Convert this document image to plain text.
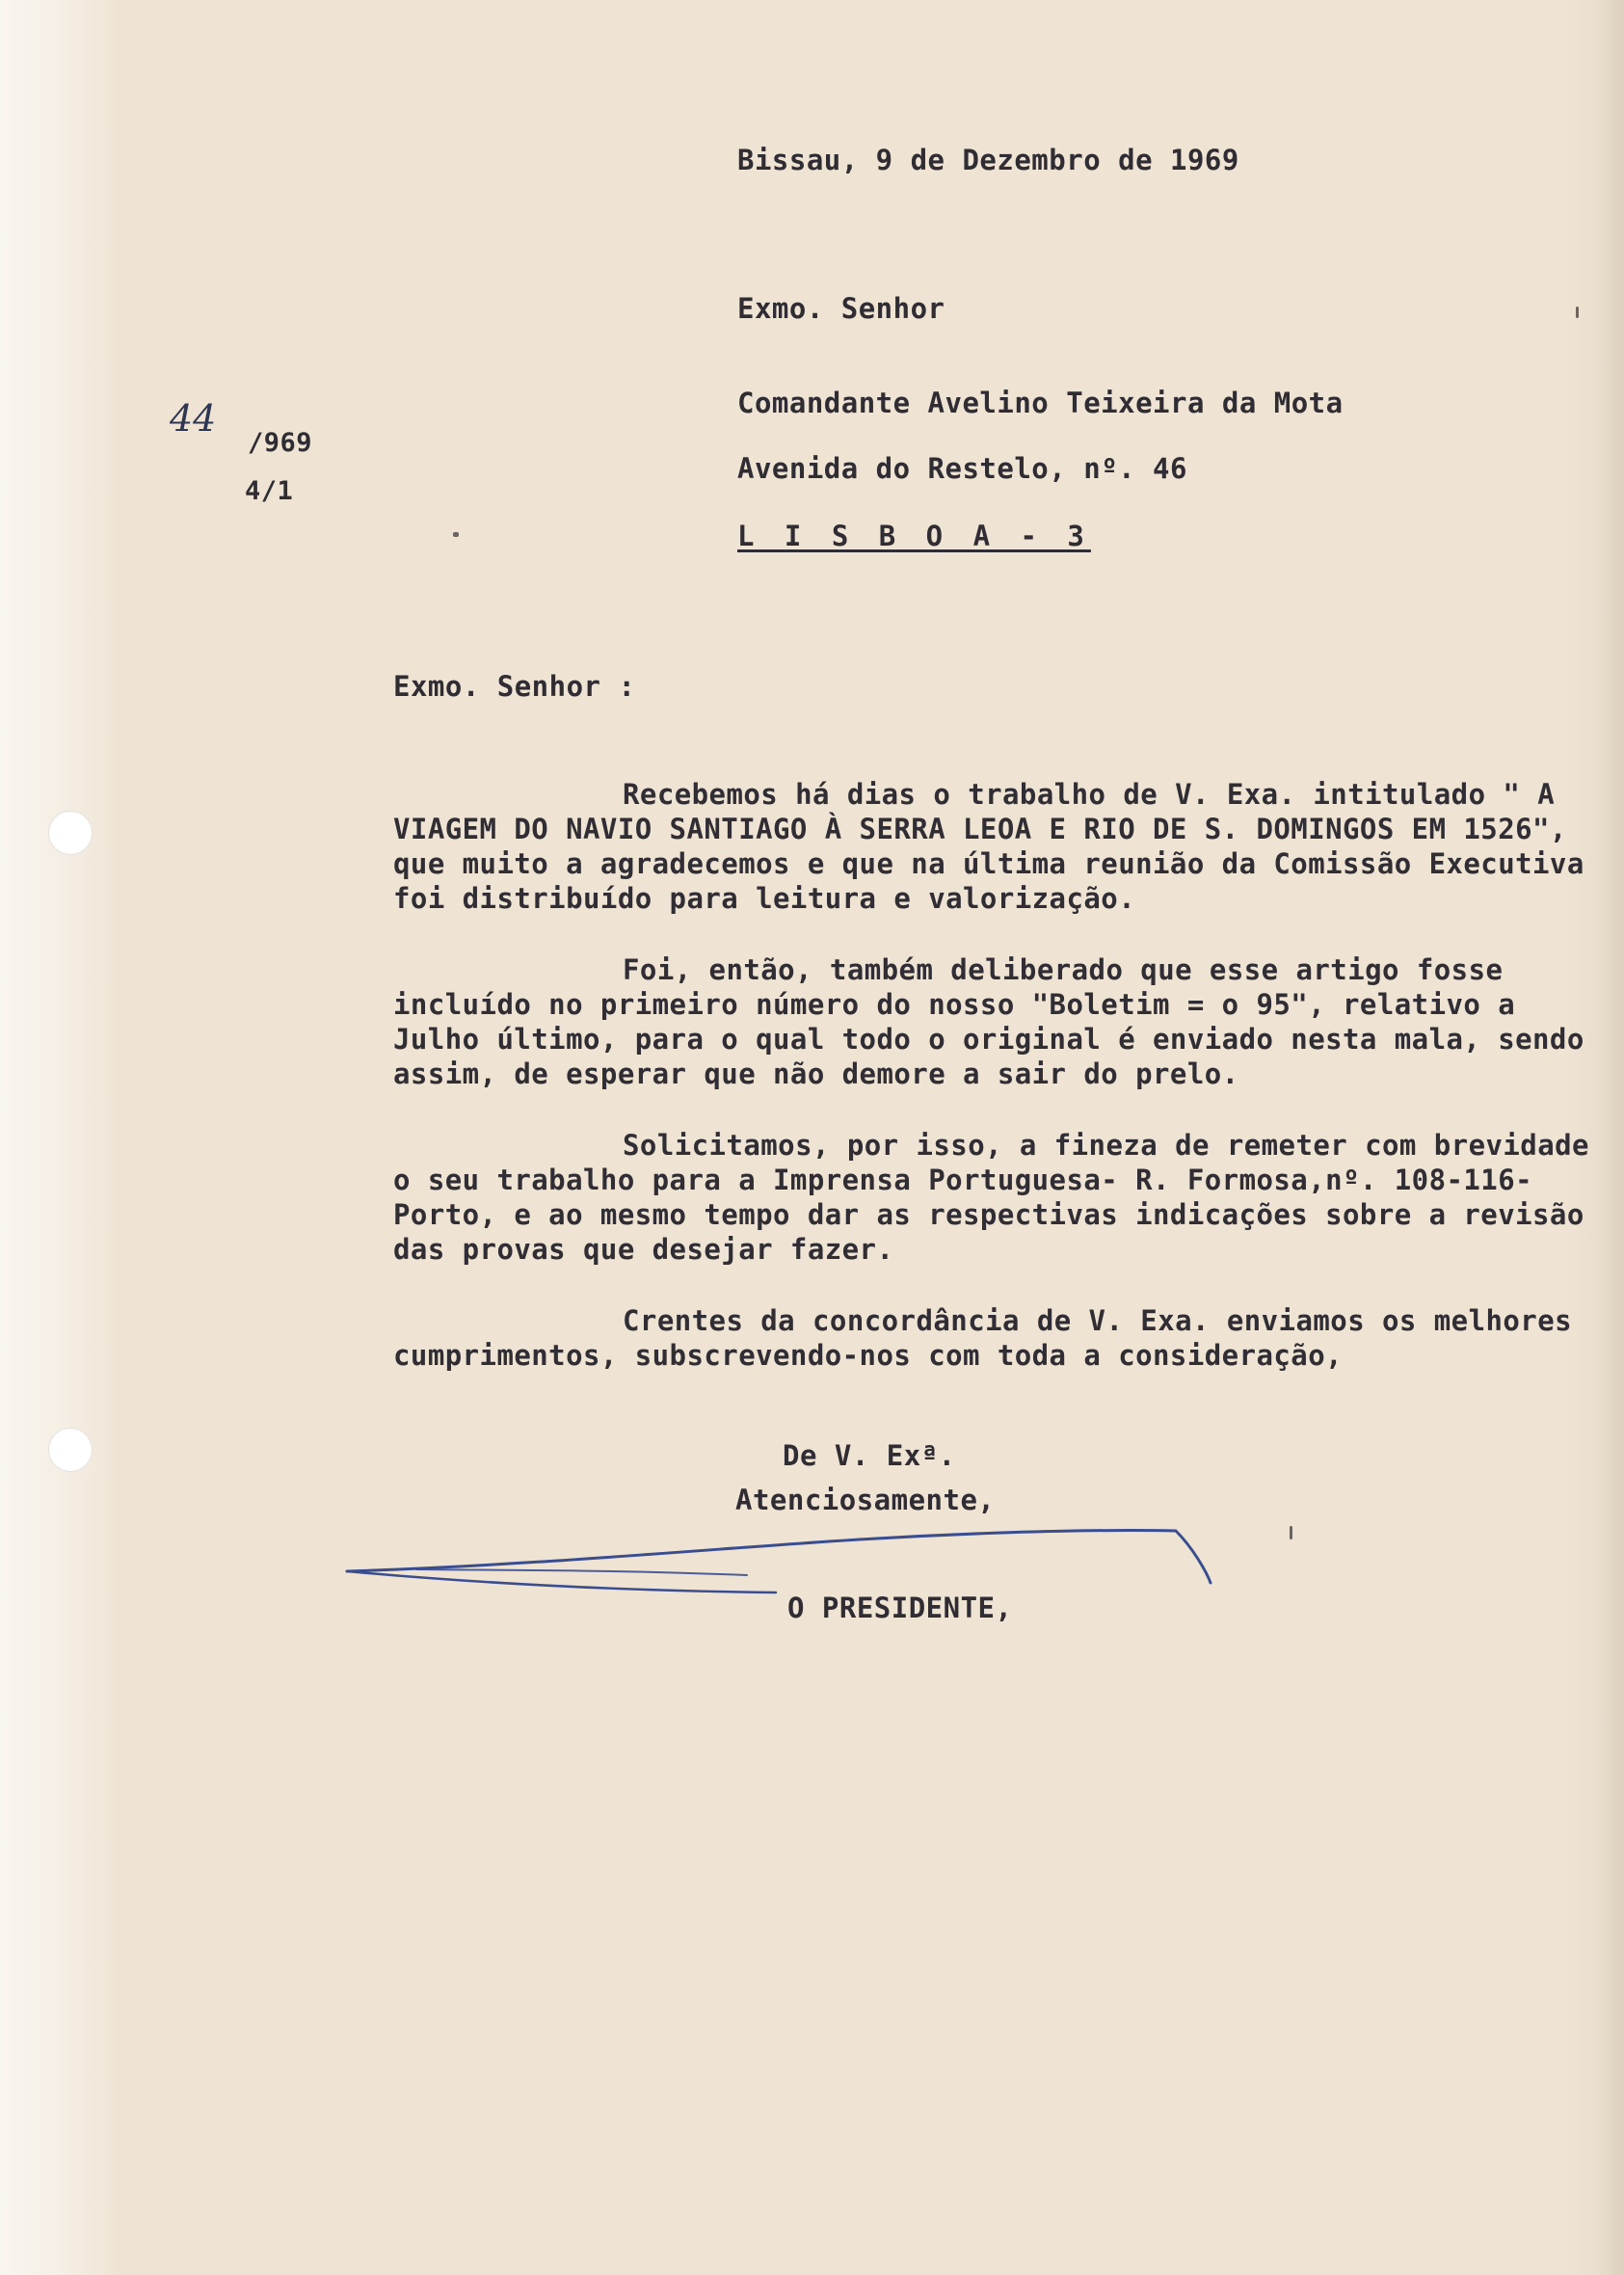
Bissau, 9 de Dezembro de 1969
Exmo. Senhor
Comandante Avelino Teixeira da Mota
Avenida do Restelo, nº. 46
L I S B O A - 3
44
/969
4/1
Exmo. Senhor :

Recebemos há dias o trabalho de V. Exa. intitulado " A VIAGEM DO NAVIO SANTIAGO À SERRA LEOA E RIO DE S. DOMINGOS EM 1526", que muito a agradecemos e que na última reunião da Comissão Executiva foi distribuído para leitura e valorização.

Foi, então, também deliberado que esse artigo fosse incluído no primeiro número do nosso "Boletim = o 95", relativo a Julho último, para o qual todo o original é enviado nesta mala, sendo assim, de esperar que não demore a sair do prelo.

Solicitamos, por isso, a fineza de remeter com brevidade o seu trabalho para a Imprensa Portuguesa- R. Formosa,nº. 108-116-Porto, e ao mesmo tempo dar as respectivas indicações sobre a revisão das provas que desejar fazer.

Crentes da concordância de V. Exa. enviamos os melhores cumprimentos, subscrevendo-nos com toda a consideração,

De V. Exª.
Atenciosamente,
O PRESIDENTE,
